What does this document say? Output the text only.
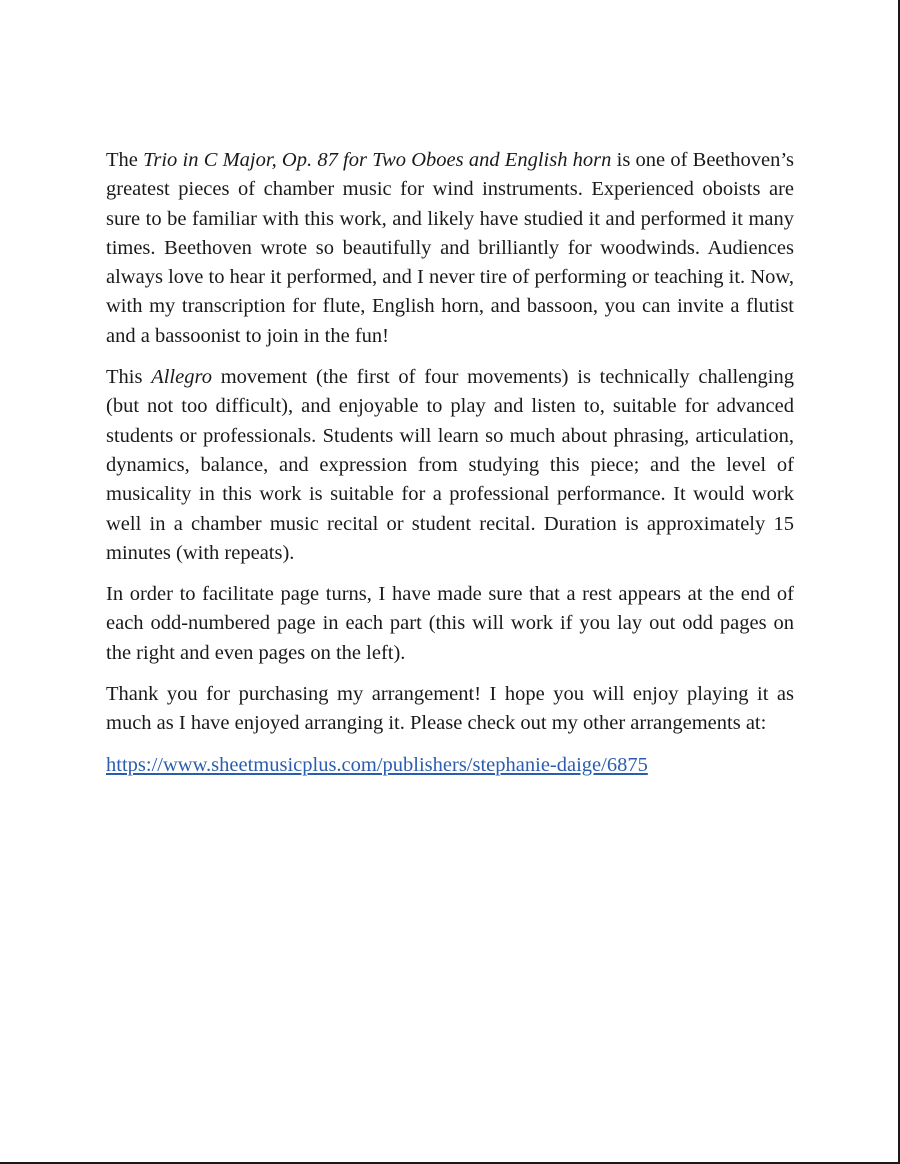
The Trio in C Major, Op. 87 for Two Oboes and English horn is one of Beethoven’s greatest pieces of chamber music for wind instruments. Experienced oboists are sure to be familiar with this work, and likely have studied it and performed it many times. Beethoven wrote so beautifully and brilliantly for woodwinds. Audiences always love to hear it performed, and I never tire of performing or teaching it. Now, with my transcription for flute, English horn, and bassoon, you can invite a flutist and a bassoonist to join in the fun!

This Allegro movement (the first of four movements) is technically challenging (but not too difficult), and enjoyable to play and listen to, suitable for advanced students or professionals. Students will learn so much about phrasing, articulation, dynamics, balance, and expression from studying this piece; and the level of musicality in this work is suitable for a professional performance. It would work well in a chamber music recital or student recital. Duration is approximately 15 minutes (with repeats).

In order to facilitate page turns, I have made sure that a rest appears at the end of each odd-numbered page in each part (this will work if you lay out odd pages on the right and even pages on the left).

Thank you for purchasing my arrangement! I hope you will enjoy playing it as much as I have enjoyed arranging it. Please check out my other arrangements at:

https://www.sheetmusicplus.com/publishers/stephanie-daige/6875
